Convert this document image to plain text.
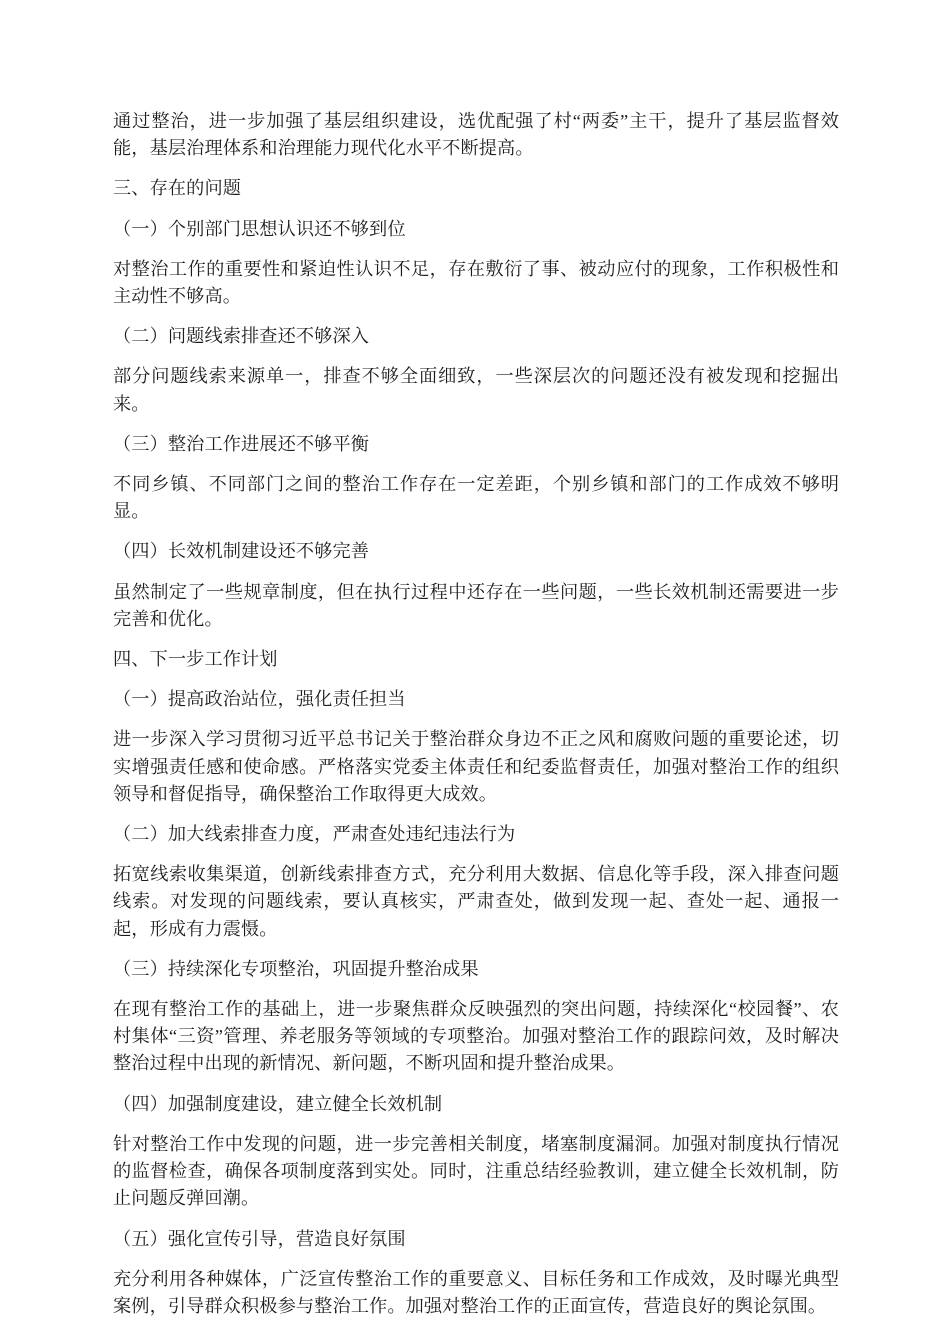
通过整治，进一步加强了基层组织建设，选优配强了村“两委”主干，提升了基层监督效能，基层治理体系和治理能力现代化水平不断提高。

三、存在的问题

（一）个别部门思想认识还不够到位

对整治工作的重要性和紧迫性认识不足，存在敷衍了事、被动应付的现象，工作积极性和主动性不够高。

（二）问题线索排查还不够深入

部分问题线索来源单一，排查不够全面细致，一些深层次的问题还没有被发现和挖掘出来。

（三）整治工作进展还不够平衡

不同乡镇、不同部门之间的整治工作存在一定差距，个别乡镇和部门的工作成效不够明显。

（四）长效机制建设还不够完善

虽然制定了一些规章制度，但在执行过程中还存在一些问题，一些长效机制还需要进一步完善和优化。

四、下一步工作计划

（一）提高政治站位，强化责任担当

进一步深入学习贯彻习近平总书记关于整治群众身边不正之风和腐败问题的重要论述，切实增强责任感和使命感。严格落实党委主体责任和纪委监督责任，加强对整治工作的组织领导和督促指导，确保整治工作取得更大成效。

（二）加大线索排查力度，严肃查处违纪违法行为

拓宽线索收集渠道，创新线索排查方式，充分利用大数据、信息化等手段，深入排查问题线索。对发现的问题线索，要认真核实，严肃查处，做到发现一起、查处一起、通报一起，形成有力震慑。

（三）持续深化专项整治，巩固提升整治成果

在现有整治工作的基础上，进一步聚焦群众反映强烈的突出问题，持续深化“校园餐”、农村集体“三资”管理、养老服务等领域的专项整治。加强对整治工作的跟踪问效，及时解决整治过程中出现的新情况、新问题，不断巩固和提升整治成果。

（四）加强制度建设，建立健全长效机制

针对整治工作中发现的问题，进一步完善相关制度，堵塞制度漏洞。加强对制度执行情况的监督检查，确保各项制度落到实处。同时，注重总结经验教训，建立健全长效机制，防止问题反弹回潮。

（五）强化宣传引导，营造良好氛围

充分利用各种媒体，广泛宣传整治工作的重要意义、目标任务和工作成效，及时曝光典型案例，引导群众积极参与整治工作。加强对整治工作的正面宣传，营造良好的舆论氛围。
